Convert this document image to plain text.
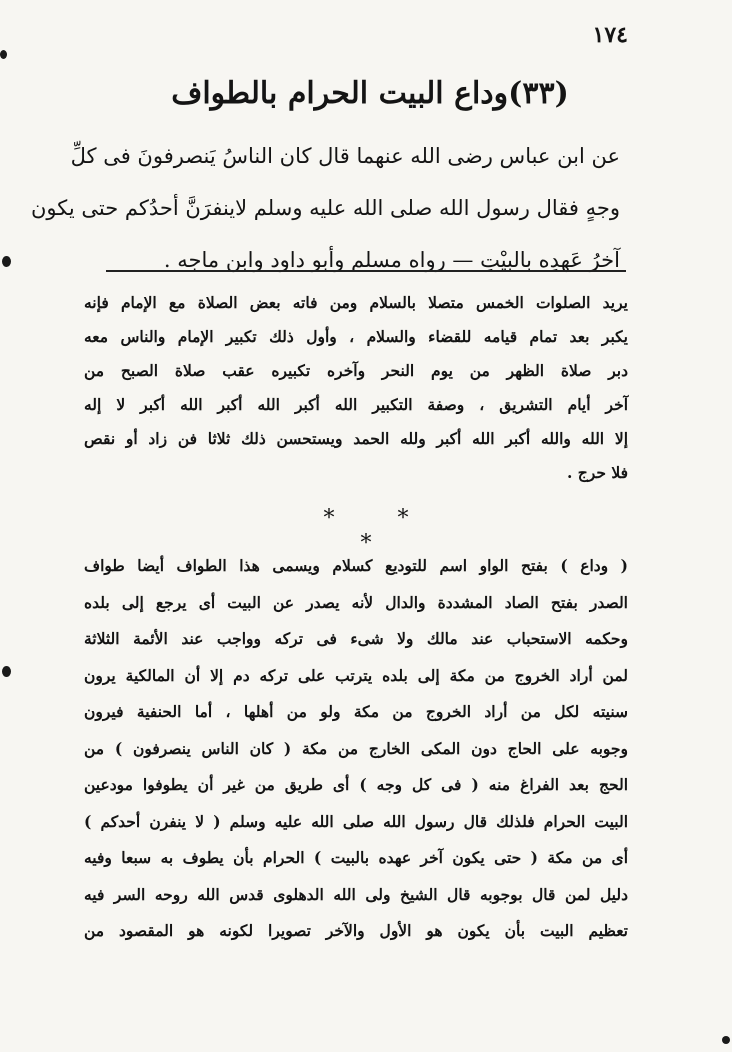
١٧٤
(٣٣)وداع البيت الحرام بالطواف
عن ابن عباس رضى الله عنهما قال كان الناسُ يَنصرفونَ فى كلِّ
وجهٍ فقال رسول الله صلى الله عليه وسلم لاينفرَنَّ أحدُكم حتى يكون
آخرُ عَهدِه بالبيْتِ — رواه مسلم وأبو داود وابن ماجه .
يريد الصلوات الخمس متصلا بالسلام ومن فاته بعض الصلاة مع الإمام فإنه
يكبر بعد تمام قيامه للقضاء والسلام ، وأول ذلك تكبير الإمام والناس معه
دبر صلاة الظهر من يوم النحر وآخره تكبيره عقب صلاة الصبح من
آخر أيام التشريق ، وصفة التكبير الله أكبر الله أكبر الله أكبر لا إله
إلا الله والله أكبر الله أكبر ولله الحمد ويستحسن ذلك ثلاثا فن زاد أو نقص
فلا حرج .
* * *
( وداع ) بفتح الواو اسم للتوديع كسلام ويسمى هذا الطواف أيضا طواف
الصدر بفتح الصاد المشددة والدال لأنه يصدر عن البيت أى يرجع إلى بلده
وحكمه الاستحباب عند مالك ولا شىء فى تركه وواجب عند الأئمة الثلاثة
لمن أراد الخروج من مكة إلى بلده يترتب على تركه دم إلا أن المالكية يرون
سنيته لكل من أراد الخروج من مكة ولو من أهلها ، أما الحنفية فيرون
وجوبه على الحاج دون المكى الخارج من مكة ( كان الناس ينصرفون ) من
الحج بعد الفراغ منه ( فى كل وجه ) أى طريق من غير أن يطوفوا مودعين
البيت الحرام فلذلك قال رسول الله صلى الله عليه وسلم ( لا ينفرن أحدكم )
أى من مكة ( حتى يكون آخر عهده بالبيت ) الحرام بأن يطوف به سبعا وفيه
دليل لمن قال بوجوبه قال الشيخ ولى الله الدهلوى قدس الله روحه السر فيه
تعظيم البيت بأن يكون هو الأول والآخر تصويرا لكونه هو المقصود من
